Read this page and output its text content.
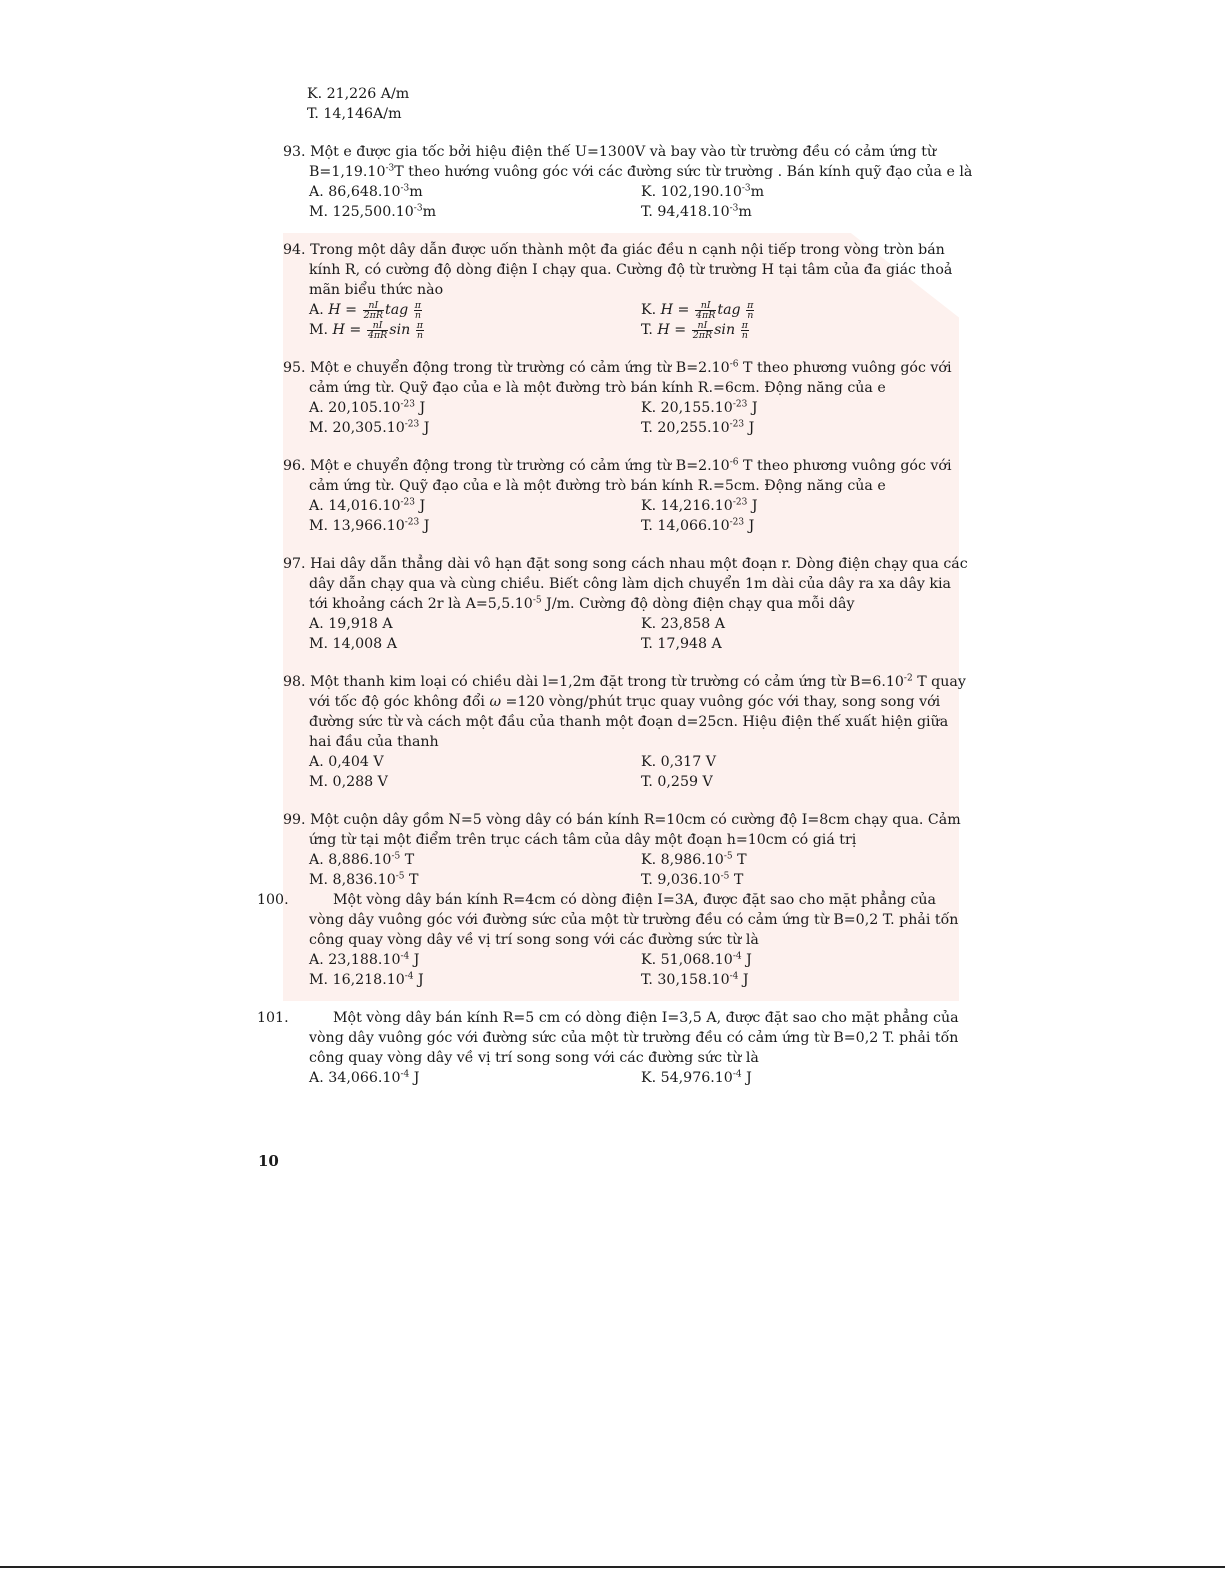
K. 21,226 A/m
T. 14,146A/m
93. Một e được gia tốc bởi hiệu điện thế U=1300V và bay vào từ trường đều có cảm ứng từ $B=1,19.10^{-3}T$ theo hướng vuông góc với các đường sức từ trường . Bán kính quỹ đạo của e là
A. $86,648.10^{-3}m$	K. $102,190.10^{-3}m$
M. $125,500.10^{-3}m$	T. $94,418.10^{-3}m$
94. Trong một dây dẫn được uốn thành một đa giác đều n cạnh nội tiếp trong vòng tròn bán kính R, có cường độ dòng điện I chạy qua. Cường độ từ trường H tại tâm của đa giác thoả mãn biểu thức nào
A. $H = \frac{nI}{2\pi R}$ tag $\frac{\pi}{n}$	K. $H = \frac{nI}{4\pi R}$ tag $\frac{\pi}{n}$
M. $H = \frac{nI}{4\pi R}$ $\sin \frac{\pi}{n}$	T. $H = \frac{nI}{2\pi R}$ $\sin \frac{\pi}{n}$
95. Một e chuyển động trong từ trường có cảm ứng từ $B=2.10^{-6}$ T theo phương vuông góc với cảm ứng từ. Quỹ đạo của e là một đường trò bán kính R.=6cm. Động năng của e
A. $20,105.10^{-23}$ J	K. $20,155.10^{-23}$ J
M. $20,305.10^{-23}$ J	T. $20,255.10^{-23}$ J
96. Một e chuyển động trong từ trường có cảm ứng từ $B=2.10^{-6}$ T theo phương vuông góc với cảm ứng từ. Quỹ đạo của e là một đường trò bán kính R.=5cm. Động năng của e
A. $14,016.10^{-23}$ J	K. $14,216.10^{-23}$ J
M. $13,966.10^{-23}$ J	T. $14,066.10^{-23}$ J
97. Hai dây dẫn thẳng dài vô hạn đặt song song cách nhau một đoạn r. Dòng điện chạy qua các dây dẫn chạy qua và cùng chiều. Biết công làm dịch chuyển 1m dài của dây ra xa dây kia tới khoảng cách 2r là $A=5,5.10^{-5}$ J/m. Cường độ dòng điện chạy qua mỗi dây
A. 19,918 A	K. 23,858 A
M. 14,008 A	T. 17,948 A
98. Một thanh kim loại có chiều dài l=1,2m đặt trong từ trường có cảm ứng từ $B=6.10^{-2}$ T quay với tốc độ góc không đổi ω =120 vòng/phút trục quay vuông góc với thay, song song với đường sức từ và cách một đầu của thanh một đoạn d=25cn. Hiệu điện thế xuất hiện giữa hai đầu của thanh
A. 0,404 V	K. 0,317 V
M. 0,288 V	T. 0,259 V
99. Một cuộn dây gồm N=5 vòng dây có bán kính R=10cm có cường độ I=8cm chạy qua. Cảm ứng từ tại một điểm trên trục cách tâm của dây một đoạn h=10cm có giá trị
A. $8,886.10^{-5}$ T	K. $8,986.10^{-5}$ T
M. $8,836.10^{-5}$ T	T. $9,036.10^{-5}$ T
100.	Một vòng dây bán kính R=4cm có dòng điện I=3A, được đặt sao cho mặt phẳng của vòng dây vuông góc với đường sức của một từ trường đều có cảm ứng từ B=0,2 T. phải tốn công quay vòng dây về vị trí song song với các đường sức từ là
A. $23,188.10^{-4}$ J	K. $51,068.10^{-4}$ J
M. $16,218.10^{-4}$ J	T. $30,158.10^{-4}$ J
101.	Một vòng dây bán kính R=5 cm có dòng điện I=3,5 A, được đặt sao cho mặt phẳng của vòng dây vuông góc với đường sức của một từ trường đều có cảm ứng từ B=0,2 T. phải tốn công quay vòng dây về vị trí song song với các đường sức từ là
A. $34,066.10^{-4}$ J	K. $54,976.10^{-4}$ J
10
